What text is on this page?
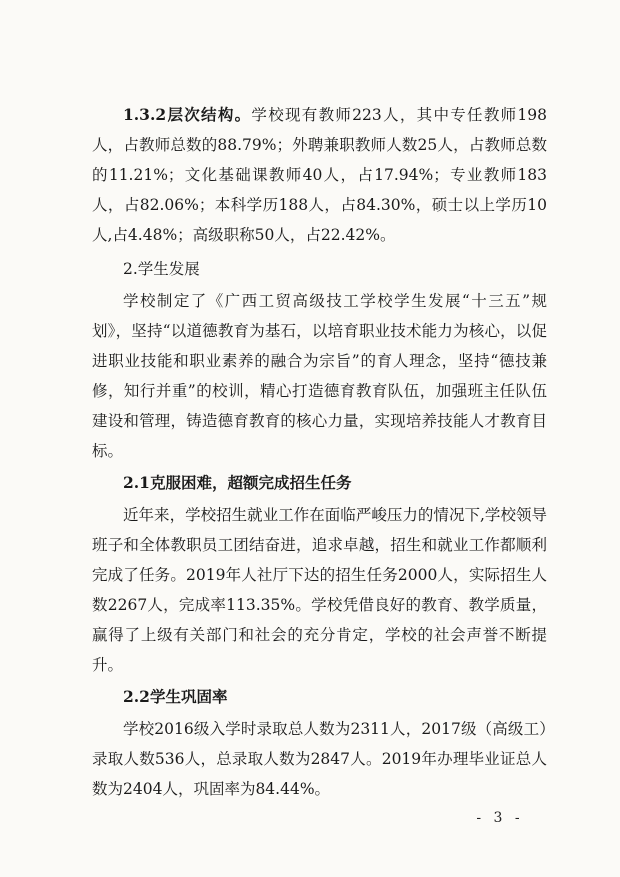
1.3.2层次结构。学校现有教师223人，其中专任教师198人，占教师总数的88.79%；外聘兼职教师人数25人，占教师总数的11.21%；文化基础课教师40人，占17.94%；专业教师183人，占82.06%；本科学历188人，占84.30%，硕士以上学历10人,占4.48%；高级职称50人，占22.42%。

2.学生发展

学校制定了《广西工贸高级技工学校学生发展“十三五”规划》，坚持“以道德教育为基石，以培育职业技术能力为核心，以促进职业技能和职业素养的融合为宗旨”的育人理念，坚持“德技兼修，知行并重”的校训，精心打造德育教育队伍，加强班主任队伍建设和管理，铸造德育教育的核心力量，实现培养技能人才教育目标。

2.1克服困难，超额完成招生任务

近年来，学校招生就业工作在面临严峻压力的情况下,学校领导班子和全体教职员工团结奋进，追求卓越，招生和就业工作都顺利完成了任务。2019年人社厅下达的招生任务2000人，实际招生人数2267人，完成率113.35%。学校凭借良好的教育、教学质量，赢得了上级有关部门和社会的充分肯定，学校的社会声誉不断提升。

2.2学生巩固率

学校2016级入学时录取总人数为2311人，2017级（高级工）录取人数536人，总录取人数为2847人。2019年办理毕业证总人数为2404人，巩固率为84.44%。

- 3 -
